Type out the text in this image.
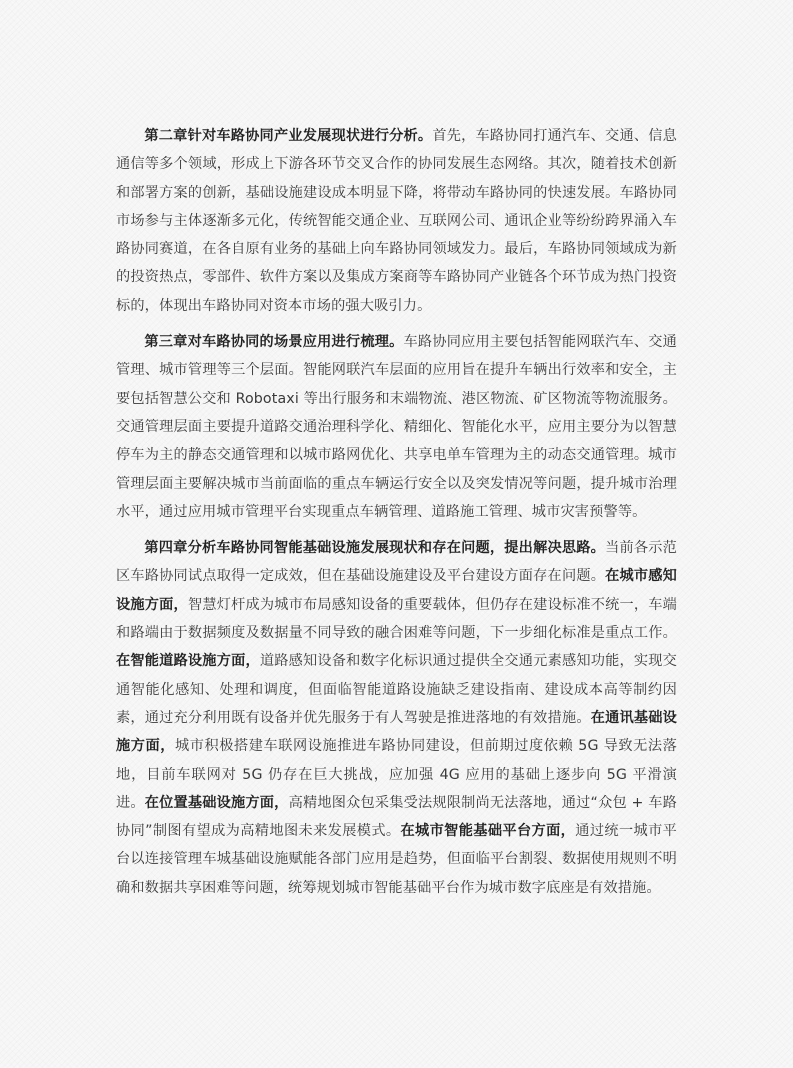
第二章针对车路协同产业发展现状进行分析。首先，车路协同打通汽车、交通、信息通信等多个领域，形成上下游各环节交叉合作的协同发展生态网络。其次，随着技术创新和部署方案的创新，基础设施建设成本明显下降，将带动车路协同的快速发展。车路协同市场参与主体逐渐多元化，传统智能交通企业、互联网公司、通讯企业等纷纷跨界涌入车路协同赛道，在各自原有业务的基础上向车路协同领域发力。最后，车路协同领域成为新的投资热点，零部件、软件方案以及集成方案商等车路协同产业链各个环节成为热门投资标的，体现出车路协同对资本市场的强大吸引力。

第三章对车路协同的场景应用进行梳理。车路协同应用主要包括智能网联汽车、交通管理、城市管理等三个层面。智能网联汽车层面的应用旨在提升车辆出行效率和安全，主要包括智慧公交和 Robotaxi 等出行服务和末端物流、港区物流、矿区物流等物流服务。交通管理层面主要提升道路交通治理科学化、精细化、智能化水平，应用主要分为以智慧停车为主的静态交通管理和以城市路网优化、共享电单车管理为主的动态交通管理。城市管理层面主要解决城市当前面临的重点车辆运行安全以及突发情况等问题，提升城市治理水平，通过应用城市管理平台实现重点车辆管理、道路施工管理、城市灾害预警等。

第四章分析车路协同智能基础设施发展现状和存在问题，提出解决思路。当前各示范区车路协同试点取得一定成效，但在基础设施建设及平台建设方面存在问题。在城市感知设施方面，智慧灯杆成为城市布局感知设备的重要载体，但仍存在建设标准不统一，车端和路端由于数据频度及数据量不同导致的融合困难等问题，下一步细化标准是重点工作。在智能道路设施方面，道路感知设备和数字化标识通过提供全交通元素感知功能，实现交通智能化感知、处理和调度，但面临智能道路设施缺乏建设指南、建设成本高等制约因素，通过充分利用既有设备并优先服务于有人驾驶是推进落地的有效措施。在通讯基础设施方面，城市积极搭建车联网设施推进车路协同建设，但前期过度依赖 5G 导致无法落地，目前车联网对 5G 仍存在巨大挑战，应加强 4G 应用的基础上逐步向 5G 平滑演进。在位置基础设施方面，高精地图众包采集受法规限制尚无法落地，通过“众包 + 车路协同”制图有望成为高精地图未来发展模式。在城市智能基础平台方面，通过统一城市平台以连接管理车城基础设施赋能各部门应用是趋势，但面临平台割裂、数据使用规则不明确和数据共享困难等问题，统筹规划城市智能基础平台作为城市数字底座是有效措施。
